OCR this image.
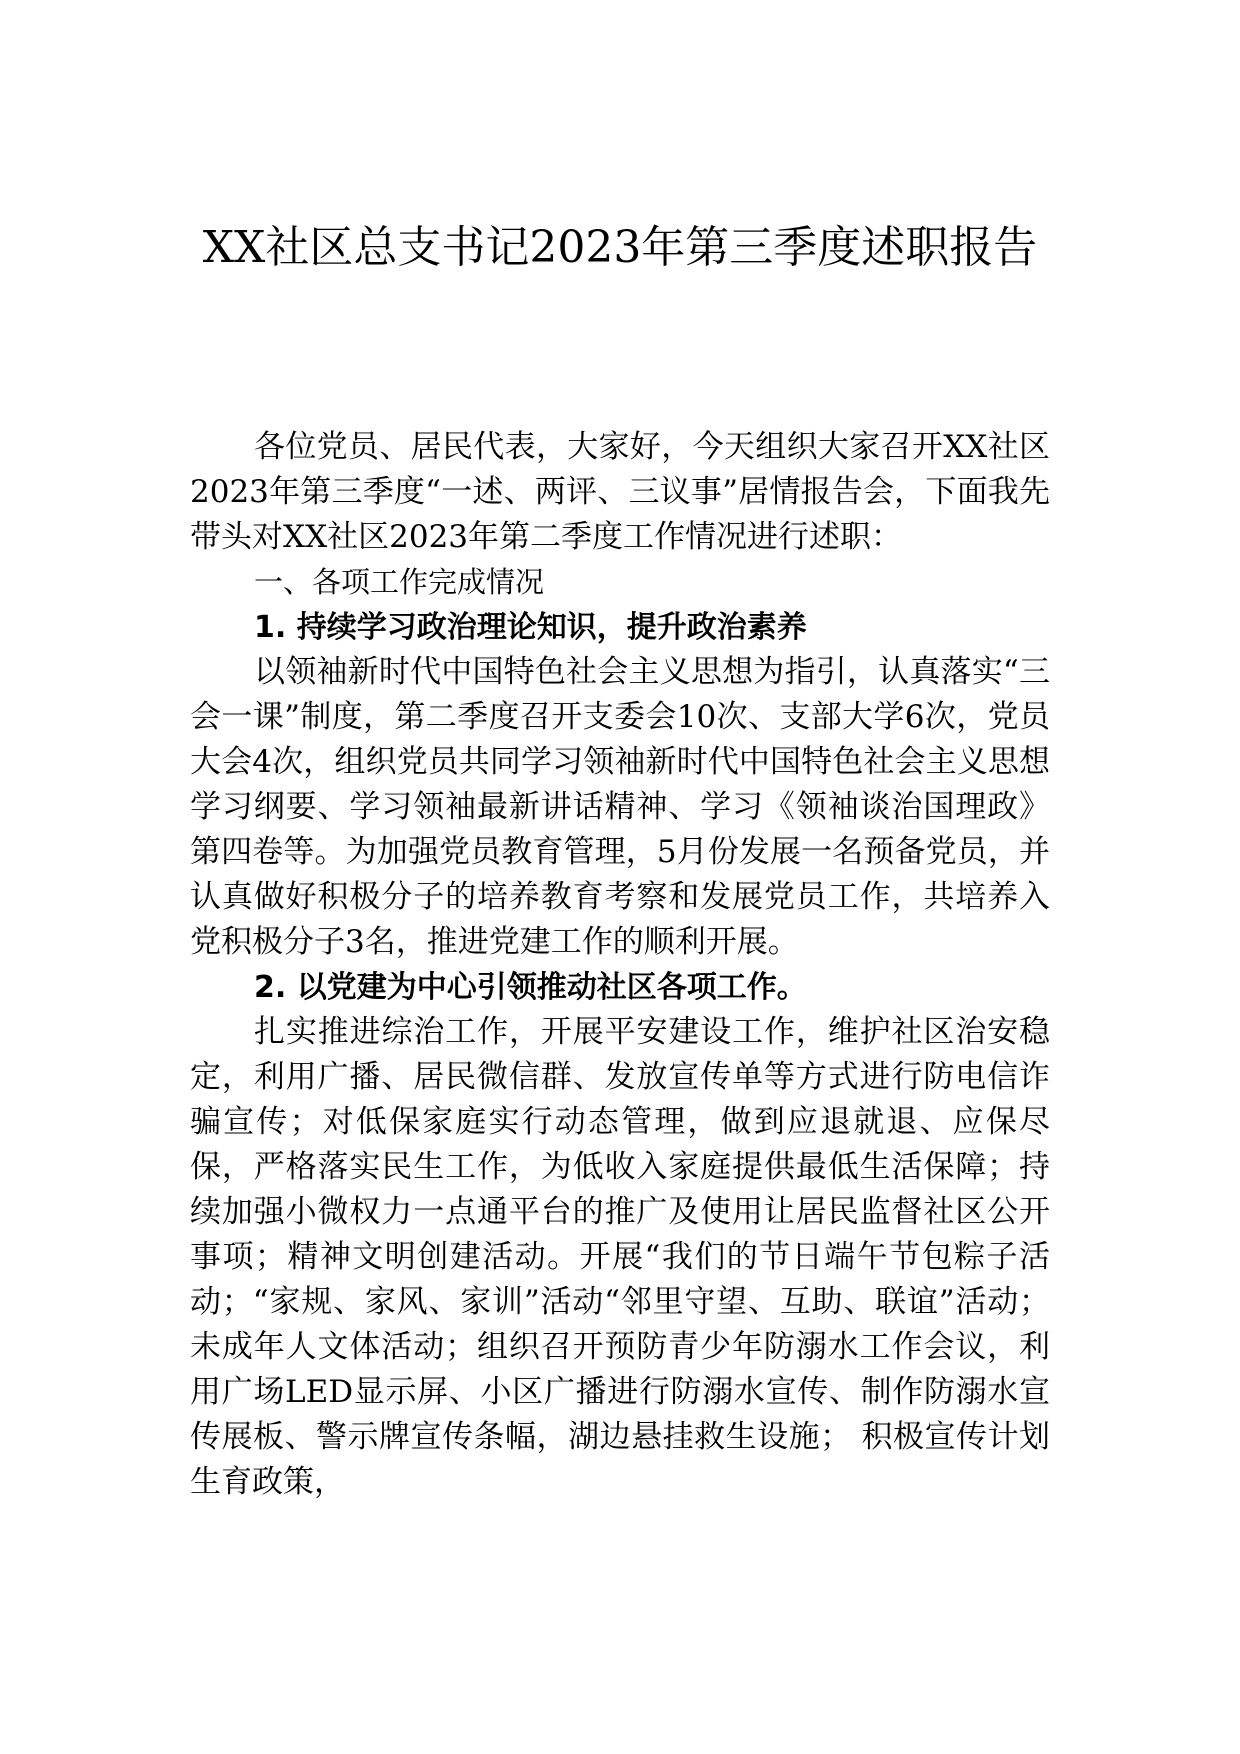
XX社区总支书记2023年第三季度述职报告

各位党员、居民代表，大家好，今天组织大家召开XX社区2023年第三季度“一述、两评、三议事”居情报告会，下面我先带头对XX社区2023年第二季度工作情况进行述职：

一、各项工作完成情况

1. 持续学习政治理论知识，提升政治素养

以领袖新时代中国特色社会主义思想为指引，认真落实“三会一课”制度，第二季度召开支委会10次、支部大学6次，党员大会4次，组织党员共同学习领袖新时代中国特色社会主义思想学习纲要、学习领袖最新讲话精神、学习《领袖谈治国理政》第四卷等。为加强党员教育管理，5月份发展一名预备党员，并认真做好积极分子的培养教育考察和发展党员工作，共培养入党积极分子3名，推进党建工作的顺利开展。

2. 以党建为中心引领推动社区各项工作。

扎实推进综治工作，开展平安建设工作，维护社区治安稳定，利用广播、居民微信群、发放宣传单等方式进行防电信诈骗宣传；对低保家庭实行动态管理，做到应退就退、应保尽保，严格落实民生工作，为低收入家庭提供最低生活保障；持续加强小微权力一点通平台的推广及使用让居民监督社区公开事项；精神文明创建活动。开展“我们的节日端午节包粽子活动；“家规、家风、家训”活动“邻里守望、互助、联谊”活动；未成年人文体活动；组织召开预防青少年防溺水工作会议，利用广场LED显示屏、小区广播进行防溺水宣传、制作防溺水宣传展板、警示牌宣传条幅，湖边悬挂救生设施； 积极宣传计划生育政策，
